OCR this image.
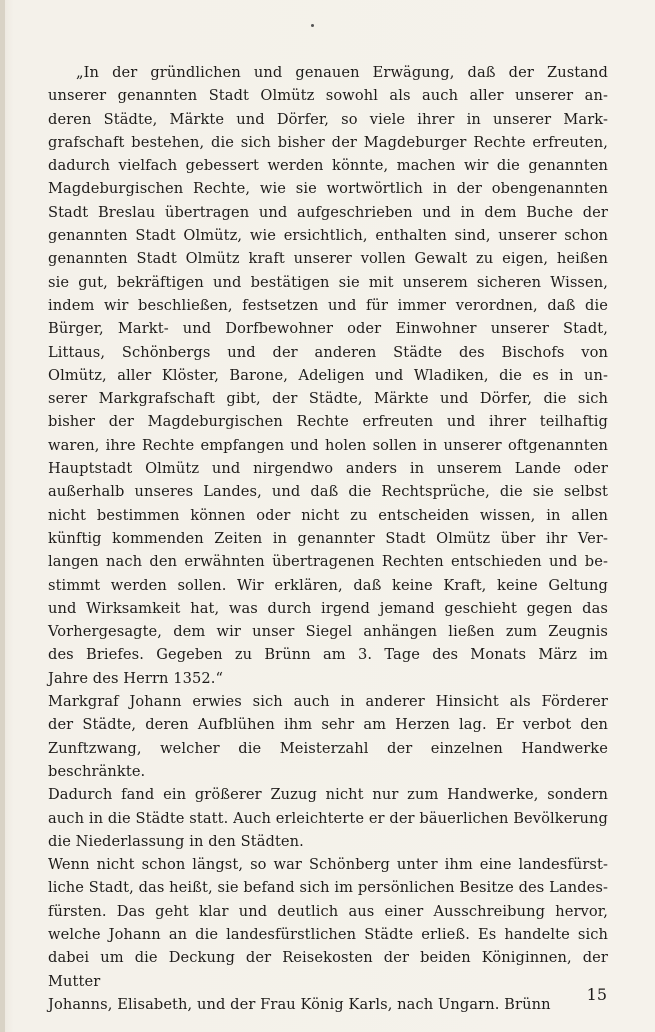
„In der gründlichen und genauen Erwägung, daß der Zustand
unserer genannten Stadt Olmütz sowohl als auch aller unserer an-
deren Städte, Märkte und Dörfer, so viele ihrer in unserer Mark-
grafschaft bestehen, die sich bisher der Magdeburger Rechte erfreuten,
dadurch vielfach gebessert werden könnte, machen wir die genannten
Magdeburgischen Rechte, wie sie wortwörtlich in der obengenannten
Stadt Breslau übertragen und aufgeschrieben und in dem Buche der
genannten Stadt Olmütz, wie ersichtlich, enthalten sind, unserer schon
genannten Stadt Olmütz kraft unserer vollen Gewalt zu eigen, heißen
sie gut, bekräftigen und bestätigen sie mit unserem sicheren Wissen,
indem wir beschließen, festsetzen und für immer verordnen, daß die
Bürger, Markt- und Dorfbewohner oder Einwohner unserer Stadt,
Littaus, Schönbergs und der anderen Städte des Bischofs von
Olmütz, aller Klöster, Barone, Adeligen und Wladiken, die es in un-
serer Markgrafschaft gibt, der Städte, Märkte und Dörfer, die sich
bisher der Magdeburgischen Rechte erfreuten und ihrer teilhaftig
waren, ihre Rechte empfangen und holen sollen in unserer oftgenannten
Hauptstadt Olmütz und nirgendwo anders in unserem Lande oder
außerhalb unseres Landes, und daß die Rechtsprüche, die sie selbst
nicht bestimmen können oder nicht zu entscheiden wissen, in allen
künftig kommenden Zeiten in genannter Stadt Olmütz über ihr Ver-
langen nach den erwähnten übertragenen Rechten entschieden und be-
stimmt werden sollen. Wir erklären, daß keine Kraft, keine Geltung
und Wirksamkeit hat, was durch irgend jemand geschieht gegen das
Vorhergesagte, dem wir unser Siegel anhängen ließen zum Zeugnis
des Briefes. Gegeben zu Brünn am 3. Tage des Monats März im
Jahre des Herrn 1352.“

Markgraf Johann erwies sich auch in anderer Hinsicht als Förderer
der Städte, deren Aufblühen ihm sehr am Herzen lag. Er verbot den
Zunftzwang, welcher die Meisterzahl der einzelnen Handwerke beschränkte.
Dadurch fand ein größerer Zuzug nicht nur zum Handwerke, sondern
auch in die Städte statt. Auch erleichterte er der bäuerlichen Bevölkerung
die Niederlassung in den Städten.

Wenn nicht schon längst, so war Schönberg unter ihm eine landesfürst-
liche Stadt, das heißt, sie befand sich im persönlichen Besitze des Landes-
fürsten. Das geht klar und deutlich aus einer Ausschreibung hervor,
welche Johann an die landesfürstlichen Städte erließ. Es handelte sich
dabei um die Deckung der Reisekosten der beiden Königinnen, der Mutter
Johanns, Elisabeth, und der Frau König Karls, nach Ungarn. Brünn

15
